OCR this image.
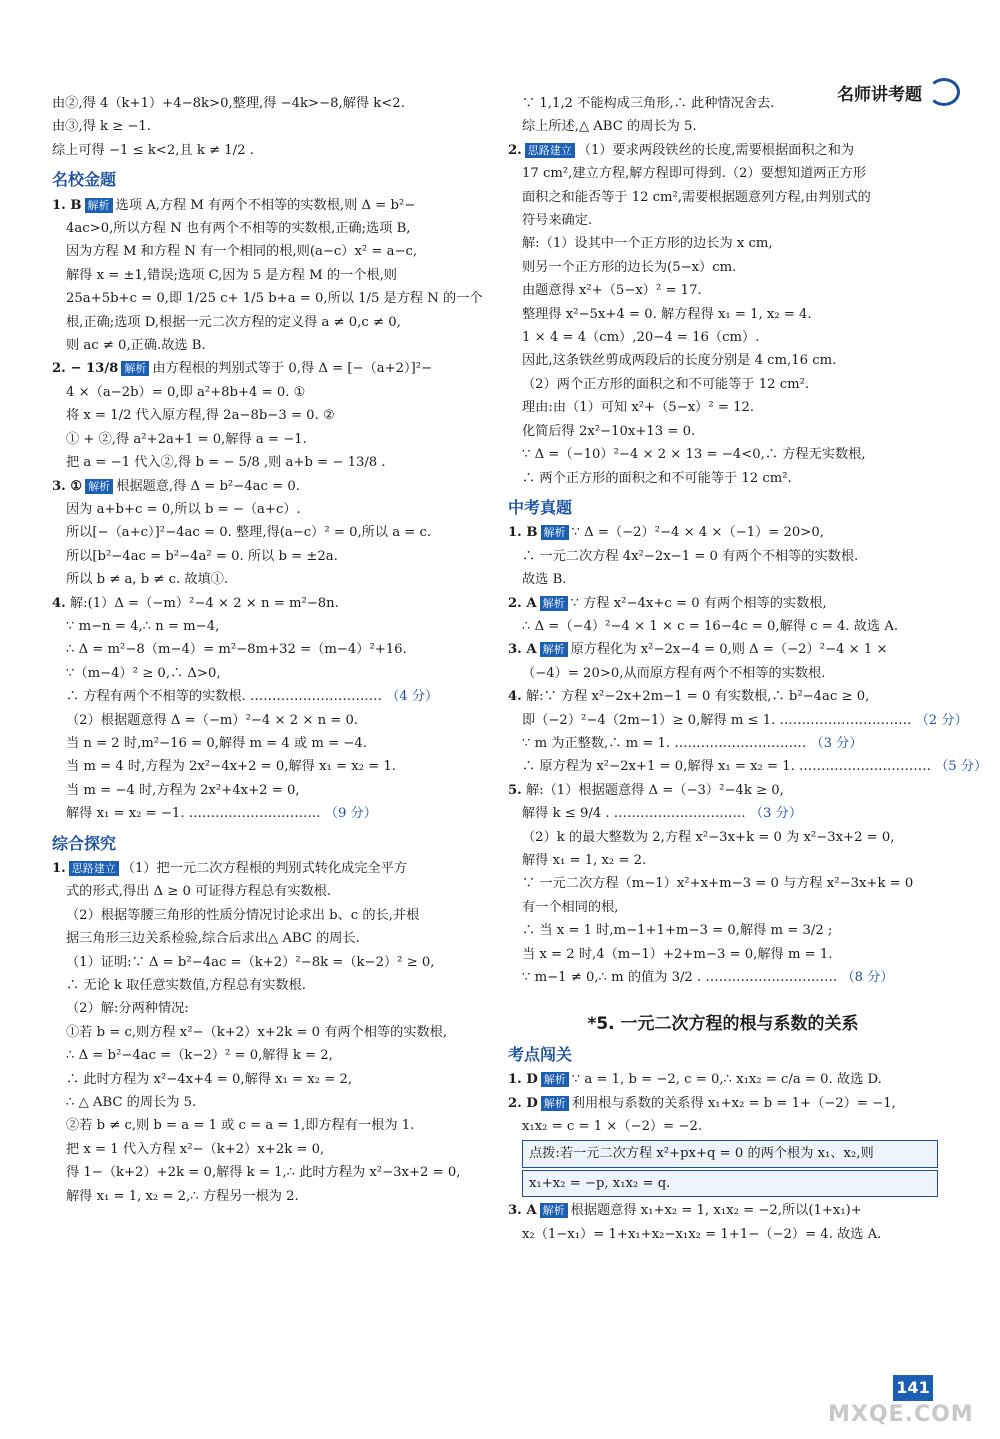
名师讲考题
由②,得 4（k+1）+4−8k>0,整理,得 −4k>−8,解得 k<2.
由③,得 k ≥ −1.
综上可得 −1 ≤ k<2,且 k ≠ 1/2 .
名校金题
1. B 解析 选项 A,方程 M 有两个不相等的实数根,则 Δ = b²−
4ac>0,所以方程 N 也有两个不相等的实数根,正确;选项 B,
因为方程 M 和方程 N 有一个相同的根,则(a−c）x² = a−c,
解得 x = ±1,错误;选项 C,因为 5 是方程 M 的一个根,则
25a+5b+c = 0,即 1/25 c+ 1/5 b+a = 0,所以 1/5 是方程 N 的一个
根,正确;选项 D,根据一元二次方程的定义得 a ≠ 0,c ≠ 0,
则 ac ≠ 0,正确.故选 B.
2. − 13/8 解析 由方程根的判别式等于 0,得 Δ = [−（a+2）]²−
4 ×（a−2b）= 0,即 a²+8b+4 = 0. ①
将 x = 1/2 代入原方程,得 2a−8b−3 = 0. ②
① + ②,得 a²+2a+1 = 0,解得 a = −1.
把 a = −1 代入②,得 b = − 5/8 ,则 a+b = − 13/8 .
3. ① 解析 根据题意,得 Δ = b²−4ac = 0.
因为 a+b+c = 0,所以 b = −（a+c）.
所以[−（a+c）]²−4ac = 0. 整理,得(a−c）² = 0,所以 a = c.
所以[b²−4ac = b²−4a² = 0. 所以 b = ±2a.
所以 b ≠ a, b ≠ c. 故填①.
4. 解:(1）Δ =（−m）²−4 × 2 × n = m²−8n.
∵ m−n = 4,∴ n = m−4,
∴ Δ = m²−8（m−4）= m²−8m+32 =（m−4）²+16.
∵（m−4）² ≥ 0,∴ Δ>0,
∴ 方程有两个不相等的实数根. ………………………… （4 分）
（2）根据题意得 Δ =（−m）²−4 × 2 × n = 0.
当 n = 2 时,m²−16 = 0,解得 m = 4 或 m = −4.
当 m = 4 时,方程为 2x²−4x+2 = 0,解得 x₁ = x₂ = 1.
当 m = −4 时,方程为 2x²+4x+2 = 0,
解得 x₁ = x₂ = −1. ………………………… （9 分）
综合探究
1. 思路建立 （1）把一元二次方程根的判别式转化成完全平方
式的形式,得出 Δ ≥ 0 可证得方程总有实数根.
（2）根据等腰三角形的性质分情况讨论求出 b、c 的长,并根
据三角形三边关系检验,综合后求出△ ABC 的周长.
（1）证明:∵ Δ = b²−4ac =（k+2）²−8k =（k−2）² ≥ 0,
∴ 无论 k 取任意实数值,方程总有实数根.
（2）解:分两种情况:
①若 b = c,则方程 x²−（k+2）x+2k = 0 有两个相等的实数根,
∴ Δ = b²−4ac =（k−2）² = 0,解得 k = 2,
∴ 此时方程为 x²−4x+4 = 0,解得 x₁ = x₂ = 2,
∴ △ ABC 的周长为 5.
②若 b ≠ c,则 b = a = 1 或 c = a = 1,即方程有一根为 1.
把 x = 1 代入方程 x²−（k+2）x+2k = 0,
得 1−（k+2）+2k = 0,解得 k = 1,∴ 此时方程为 x²−3x+2 = 0,
解得 x₁ = 1, x₂ = 2,∴ 方程另一根为 2.
∵ 1,1,2 不能构成三角形,∴ 此种情况舍去.
综上所述,△ ABC 的周长为 5.
2. 思路建立 （1）要求两段铁丝的长度,需要根据面积之和为
17 cm²,建立方程,解方程即可得到.（2）要想知道两正方形
面积之和能否等于 12 cm²,需要根据题意列方程,由判别式的
符号来确定.
解:（1）设其中一个正方形的边长为 x cm,
则另一个正方形的边长为(5−x）cm.
由题意得 x²+（5−x）² = 17.
整理得 x²−5x+4 = 0. 解方程得 x₁ = 1, x₂ = 4.
1 × 4 = 4（cm）,20−4 = 16（cm）.
因此,这条铁丝剪成两段后的长度分别是 4 cm,16 cm.
（2）两个正方形的面积之和不可能等于 12 cm².
理由:由（1）可知 x²+（5−x）² = 12.
化简后得 2x²−10x+13 = 0.
∵ Δ =（−10）²−4 × 2 × 13 = −4<0,∴ 方程无实数根,
∴ 两个正方形的面积之和不可能等于 12 cm².
中考真题
1. B 解析 ∵ Δ =（−2）²−4 × 4 ×（−1）= 20>0,
∴ 一元二次方程 4x²−2x−1 = 0 有两个不相等的实数根.
故选 B.
2. A 解析 ∵ 方程 x²−4x+c = 0 有两个相等的实数根,
∴ Δ =（−4）²−4 × 1 × c = 16−4c = 0,解得 c = 4. 故选 A.
3. A 解析 原方程化为 x²−2x−4 = 0,则 Δ =（−2）²−4 × 1 ×
（−4）= 20>0,从而原方程有两个不相等的实数根.
4. 解:∵ 方程 x²−2x+2m−1 = 0 有实数根,∴ b²−4ac ≥ 0,
即（−2）²−4（2m−1）≥ 0,解得 m ≤ 1. ………………………… （2 分）
∵ m 为正整数,∴ m = 1. ………………………… （3 分）
∴ 原方程为 x²−2x+1 = 0,解得 x₁ = x₂ = 1. ………………………… （5 分）
5. 解:（1）根据题意得 Δ =（−3）²−4k ≥ 0,
解得 k ≤ 9/4 . ………………………… （3 分）
（2）k 的最大整数为 2,方程 x²−3x+k = 0 为 x²−3x+2 = 0,
解得 x₁ = 1, x₂ = 2.
∵ 一元二次方程（m−1）x²+x+m−3 = 0 与方程 x²−3x+k = 0
有一个相同的根,
∴ 当 x = 1 时,m−1+1+m−3 = 0,解得 m = 3/2 ;
当 x = 2 时,4（m−1）+2+m−3 = 0,解得 m = 1.
∵ m−1 ≠ 0,∴ m 的值为 3/2 . ………………………… （8 分）
*5. 一元二次方程的根与系数的关系
考点闯关
1. D 解析 ∵ a = 1, b = −2, c = 0,∴ x₁x₂ = c/a = 0. 故选 D.
2. D 解析 利用根与系数的关系得 x₁+x₂ = b = 1+（−2）= −1,
x₁x₂ = c = 1 ×（−2）= −2.
点拨:若一元二次方程 x²+px+q = 0 的两个根为 x₁、x₂,则
x₁+x₂ = −p, x₁x₂ = q.
3. A 解析 根据题意得 x₁+x₂ = 1, x₁x₂ = −2,所以(1+x₁)+
x₂（1−x₁）= 1+x₁+x₂−x₁x₂ = 1+1−（−2）= 4. 故选 A.
141
MXQE.COM
